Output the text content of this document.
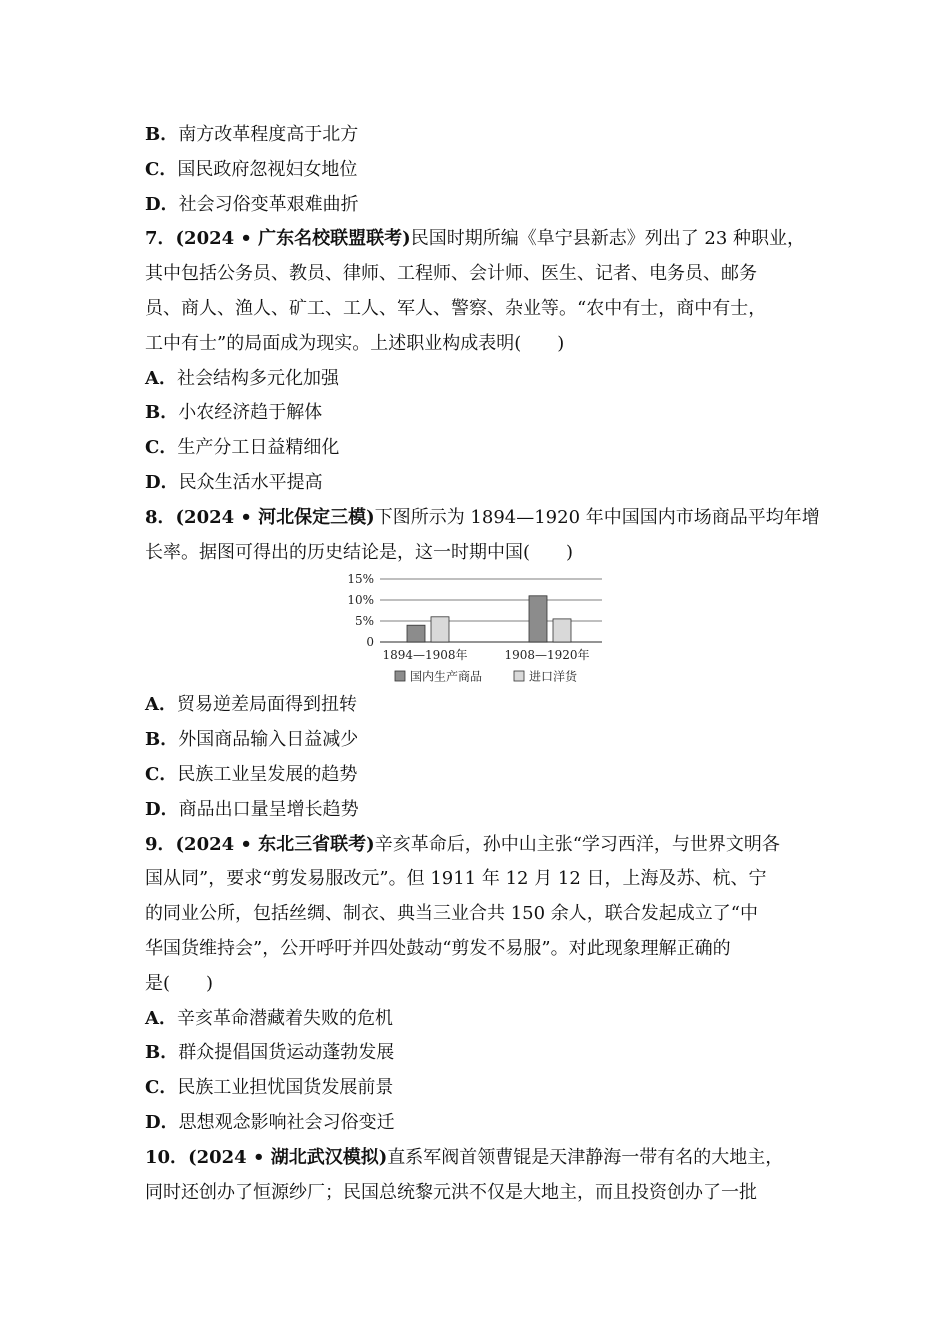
B．南方改革程度高于北方
C．国民政府忽视妇女地位
D．社会习俗变革艰难曲折
7．(2024 • 广东名校联盟联考)民国时期所编《阜宁县新志》列出了 23 种职业，
其中包括公务员、教员、律师、工程师、会计师、医生、记者、电务员、邮务
员、商人、渔人、矿工、工人、军人、警察、杂业等。“农中有士，商中有士，
工中有士”的局面成为现实。上述职业构成表明(　　)
A．社会结构多元化加强
B．小农经济趋于解体
C．生产分工日益精细化
D．民众生活水平提高
8．(2024 • 河北保定三模)下图所示为 1894—1920 年中国国内市场商品平均年增
长率。据图可得出的历史结论是，这一时期中国(　　)
15%
10%
5%
0
1894—1908年	1908—1920年
国内生产商品	进口洋货
A．贸易逆差局面得到扭转
B．外国商品输入日益减少
C．民族工业呈发展的趋势
D．商品出口量呈增长趋势
9．(2024 • 东北三省联考)辛亥革命后，孙中山主张“学习西洋，与世界文明各
国从同”，要求“剪发易服改元”。但 1911 年 12 月 12 日，上海及苏、杭、宁
的同业公所，包括丝绸、制衣、典当三业合共 150 余人，联合发起成立了“中
华国货维持会”，公开呼吁并四处鼓动“剪发不易服”。对此现象理解正确的
是(　　)
A．辛亥革命潜藏着失败的危机
B．群众提倡国货运动蓬勃发展
C．民族工业担忧国货发展前景
D．思想观念影响社会习俗变迁
10．(2024 • 湖北武汉模拟)直系军阀首领曹锟是天津静海一带有名的大地主，
同时还创办了恒源纱厂；民国总统黎元洪不仅是大地主，而且投资创办了一批
